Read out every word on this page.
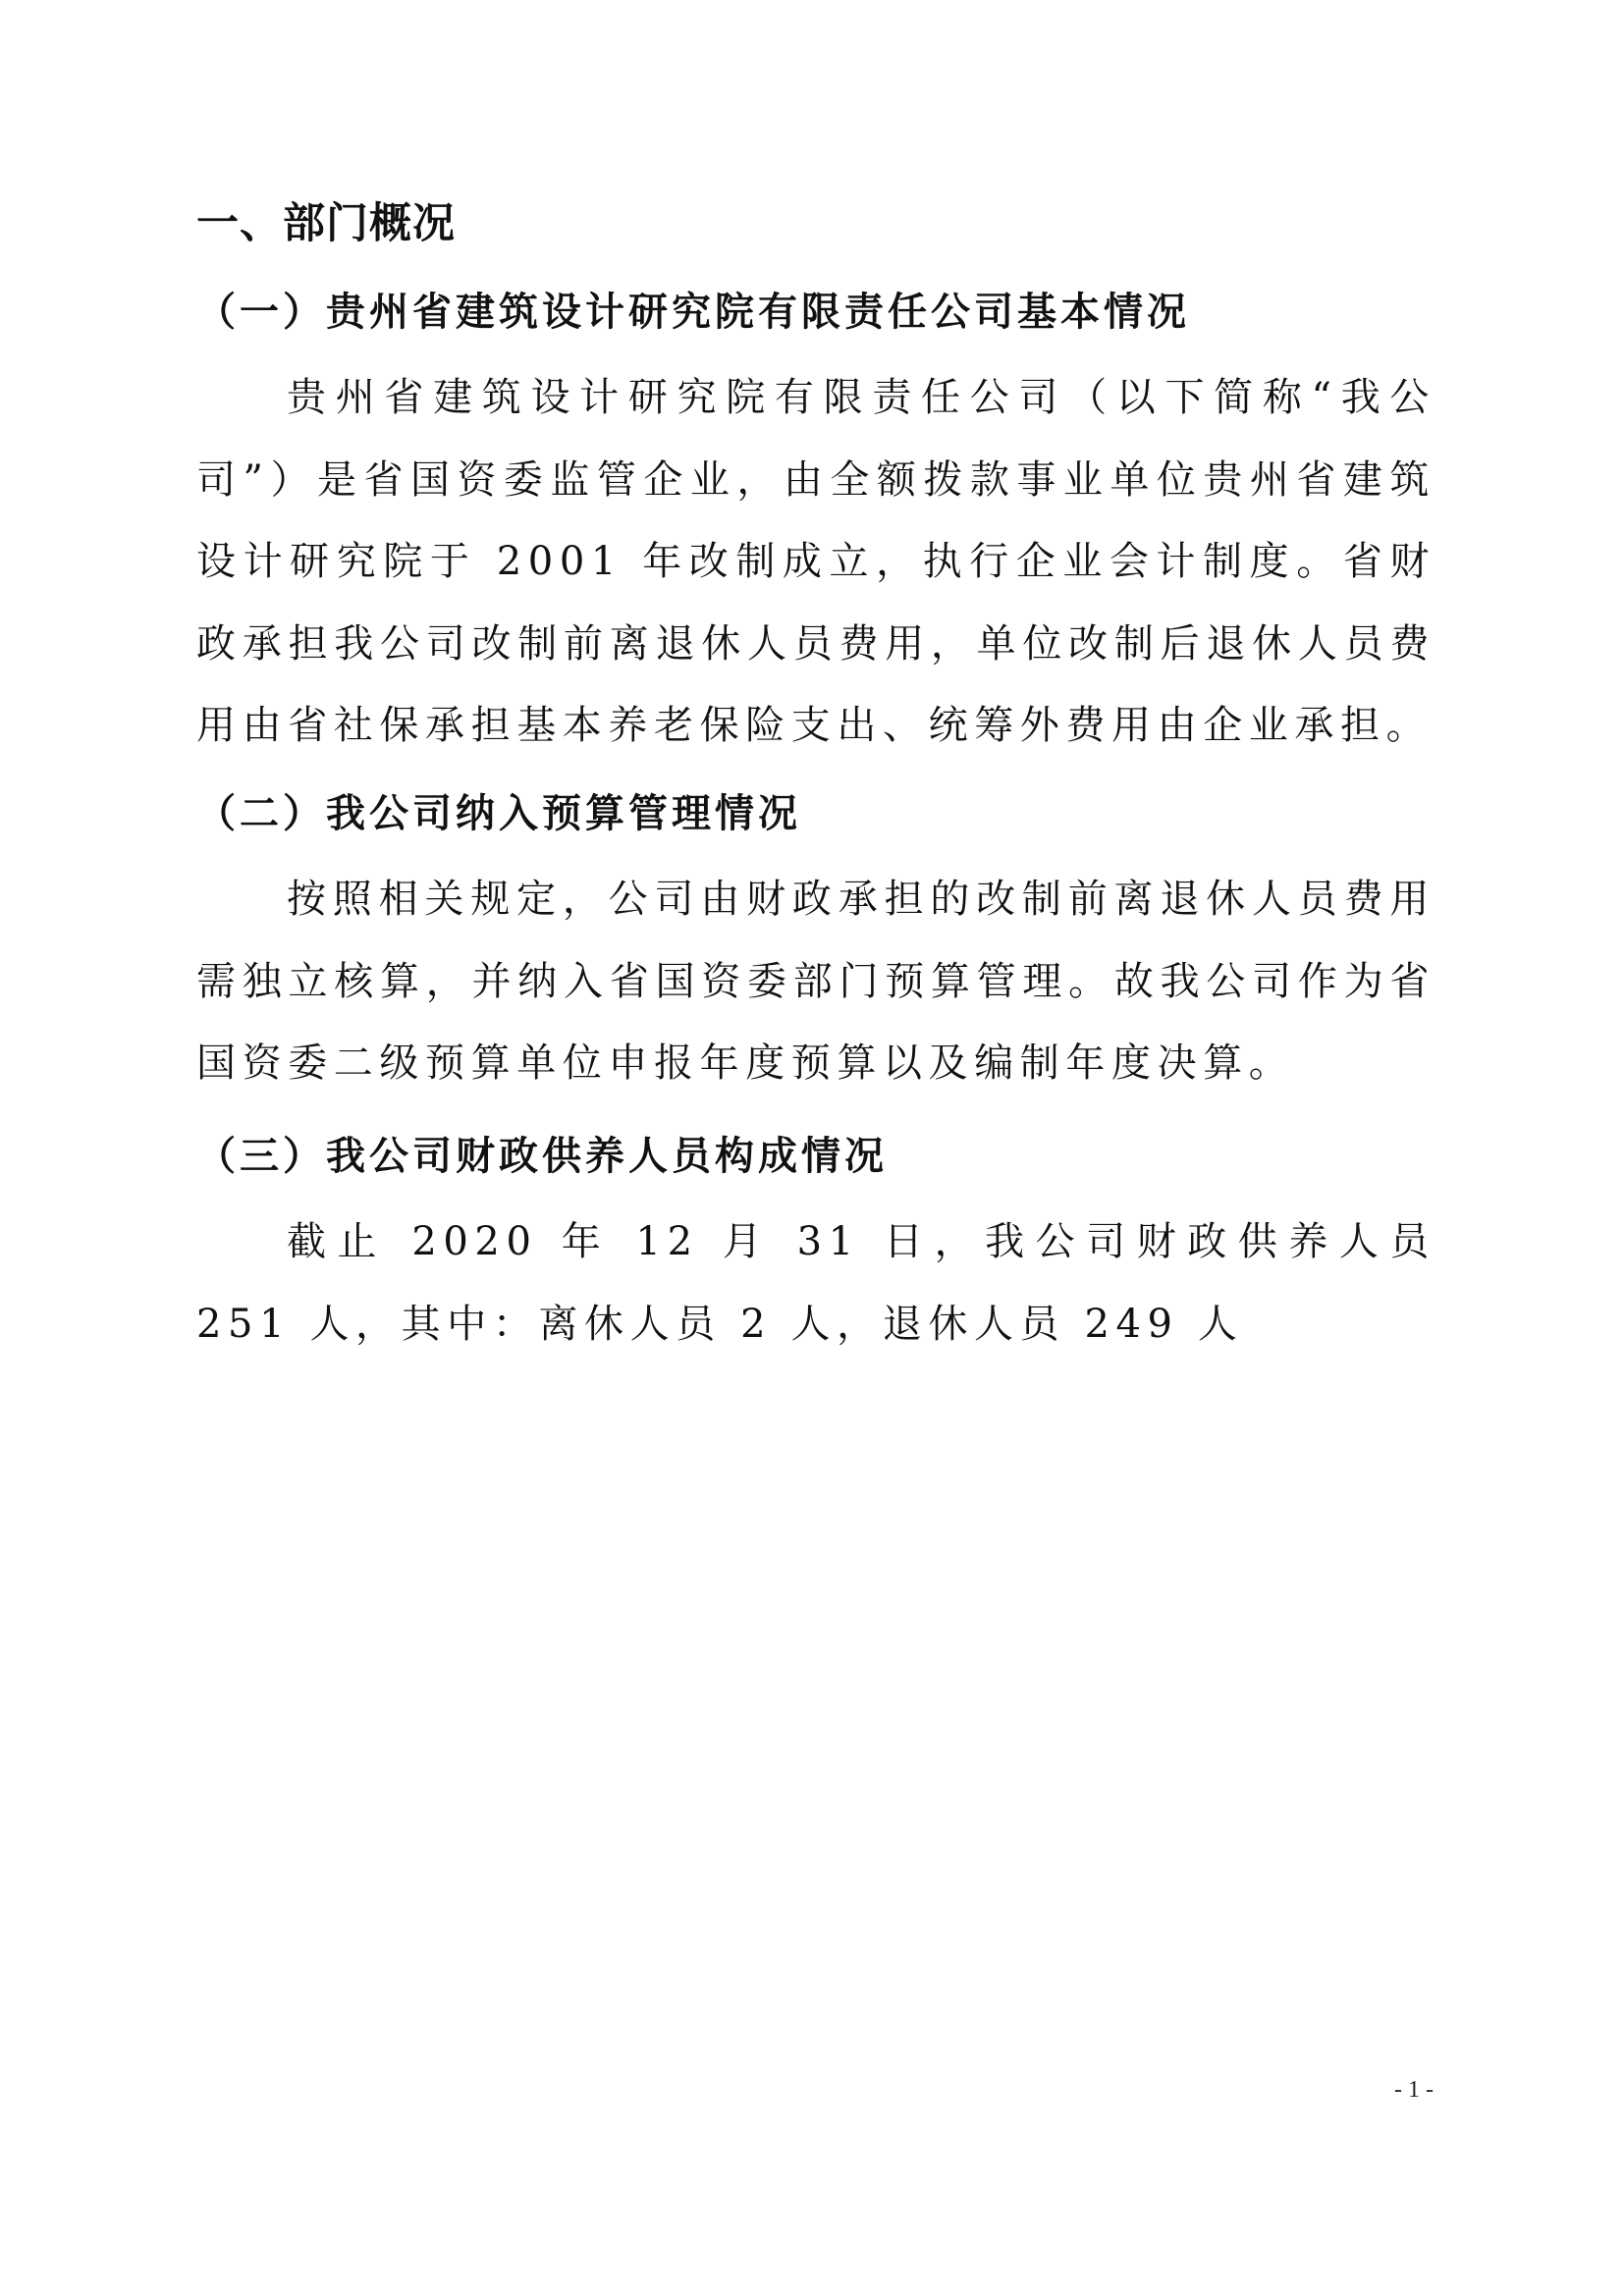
一、部门概况
（一）贵州省建筑设计研究院有限责任公司基本情况
贵州省建筑设计研究院有限责任公司（以下简称“我公司”）是省国资委监管企业，由全额拨款事业单位贵州省建筑设计研究院于 2001 年改制成立，执行企业会计制度。省财政承担我公司改制前离退休人员费用，单位改制后退休人员费用由省社保承担基本养老保险支出、统筹外费用由企业承担。
（二）我公司纳入预算管理情况
按照相关规定，公司由财政承担的改制前离退休人员费用需独立核算，并纳入省国资委部门预算管理。故我公司作为省国资委二级预算单位申报年度预算以及编制年度决算。
（三）我公司财政供养人员构成情况
截止 2020 年 12 月 31 日，我公司财政供养人员 251 人，其中：离休人员 2 人，退休人员 249 人
- 1 -
